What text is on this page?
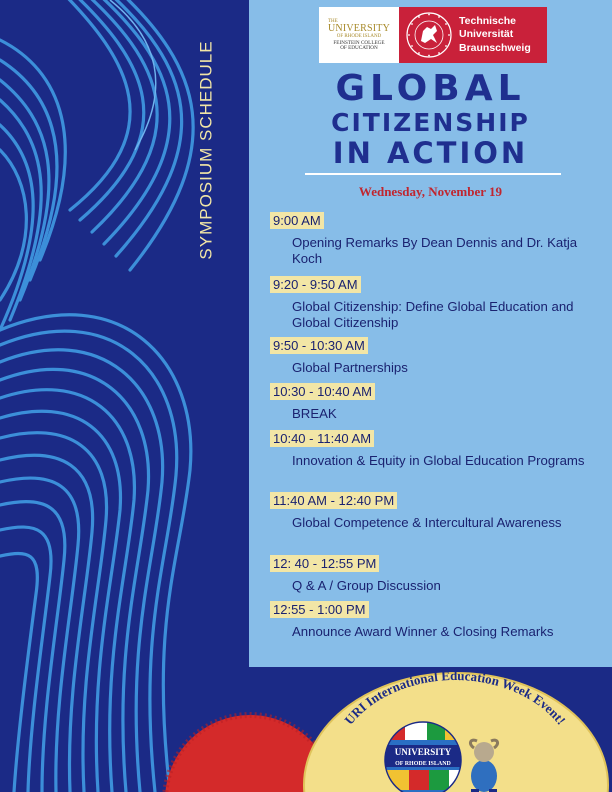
SYMPOSIUM SCHEDULE
THE
UNIVERSITY
OF RHODE ISLAND
FEINSTEIN COLLEGE
OF EDUCATION
Technische
Universität
Braunschweig
GLOBAL
CITIZENSHIP
IN ACTION
Wednesday, November 19
9:00 AM
Opening Remarks By Dean Dennis and Dr. Katja Koch
9:20 - 9:50 AM
Global Citizenship: Define Global Education and Global Citizenship
9:50 - 10:30 AM
Global Partnerships
10:30 - 10:40 AM
BREAK
10:40 - 11:40 AM
Innovation & Equity in Global Education Programs
11:40 AM - 12:40 PM
Global Competence & Intercultural Awareness
12: 40 - 12:55 PM
Q & A / Group Discussion
12:55 - 1:00 PM
Announce Award Winner & Closing Remarks
URI International Education Week Event!
UNIVERSITY
OF RHODE ISLAND
